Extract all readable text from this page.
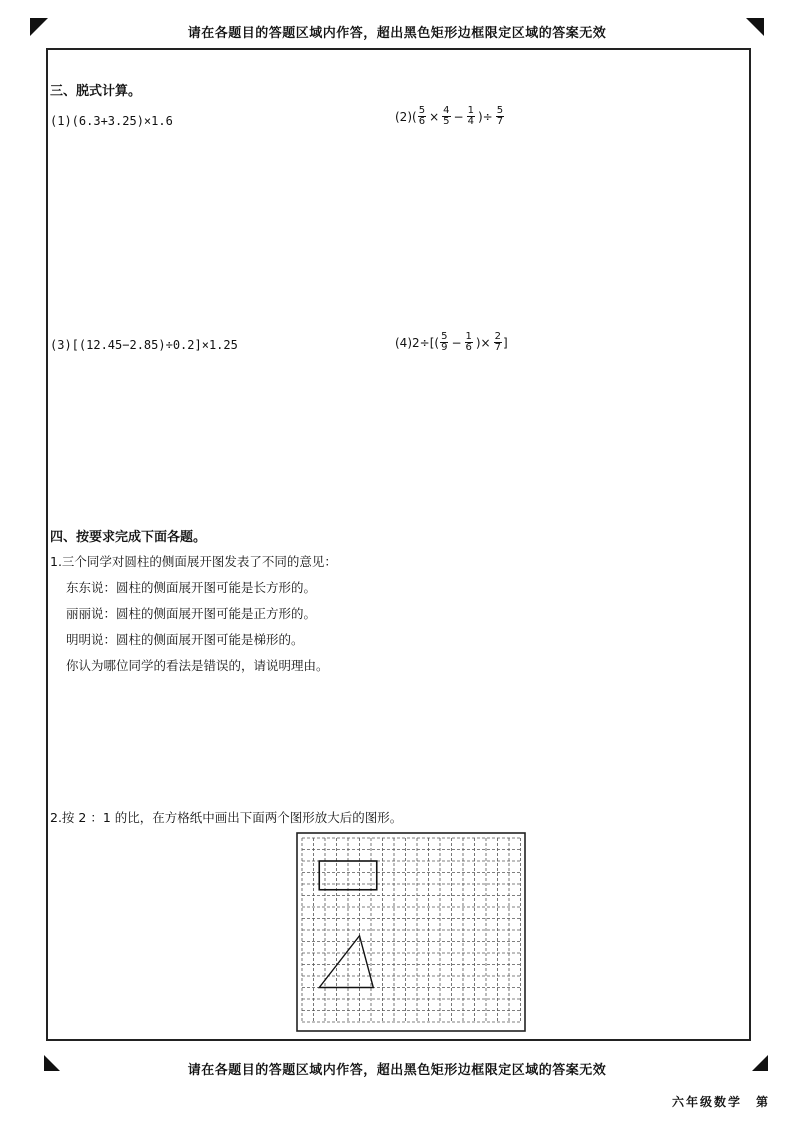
请在各题目的答题区域内作答，超出黑色矩形边框限定区域的答案无效
三、脱式计算。
(1)(6.3+3.25)×1.6	$(2)( \frac{5}{6} \times \frac{4}{5} - \frac{1}{4}$ )÷ $\frac{5}{7}$
(3)[(12.45−2.85)÷0.2]×1.25	$(4)2\div[( \frac{5}{9} - \frac{1}{6}$ )× $\frac{2}{7}$ ]
四、按要求完成下面各题。
1.三个同学对圆柱的侧面展开图发表了不同的意见：
东东说：圆柱的侧面展开图可能是长方形的。
丽丽说：圆柱的侧面展开图可能是正方形的。
明明说：圆柱的侧面展开图可能是梯形的。
你认为哪位同学的看法是错误的，请说明理由。
2.按 2 ：1 的比，在方格纸中画出下面两个图形放大后的图形。
请在各题目的答题区域内作答，超出黑色矩形边框限定区域的答案无效
六年级数学　第
